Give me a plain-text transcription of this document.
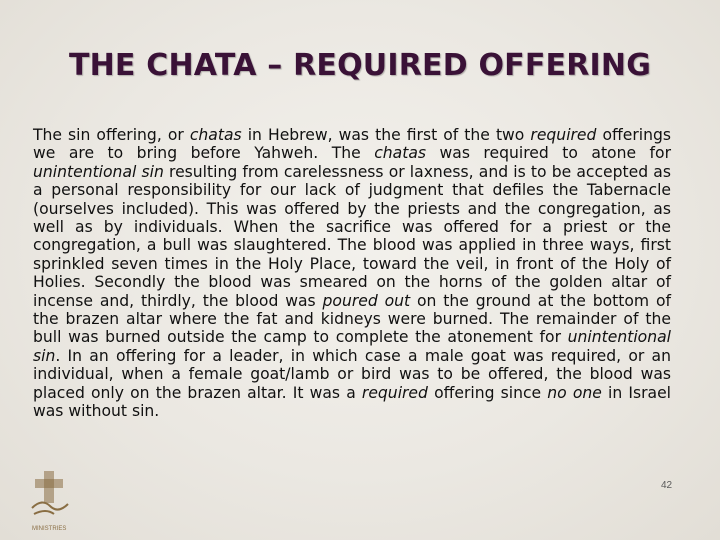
THE CHATA – REQUIRED OFFERING
MINISTRIES

The sin offering, or chatas in Hebrew, was the first of the two required offerings we are to bring before Yahweh. The chatas was required to atone for unintentional sin resulting from carelessness or laxness, and is to be accepted as a personal responsibility for our lack of judgment that defiles the Tabernacle (ourselves included). This was offered by the priests and the congregation, as well as by individuals. When the sacrifice was offered for a priest or the congregation, a bull was slaughtered. The blood was applied in three ways, first sprinkled seven times in the Holy Place, toward the veil, in front of the Holy of Holies. Secondly the blood was smeared on the horns of the golden altar of incense and, thirdly, the blood was poured out on the ground at the bottom of the brazen altar where the fat and kidneys were burned. The remainder of the bull was burned outside the camp to complete the atonement for unintentional sin. In an offering for a leader, in which case a male goat was required, or an individual, when a female goat/lamb or bird was to be offered, the blood was placed only on the brazen altar. It was a required offering since no one in Israel was without sin.

42
